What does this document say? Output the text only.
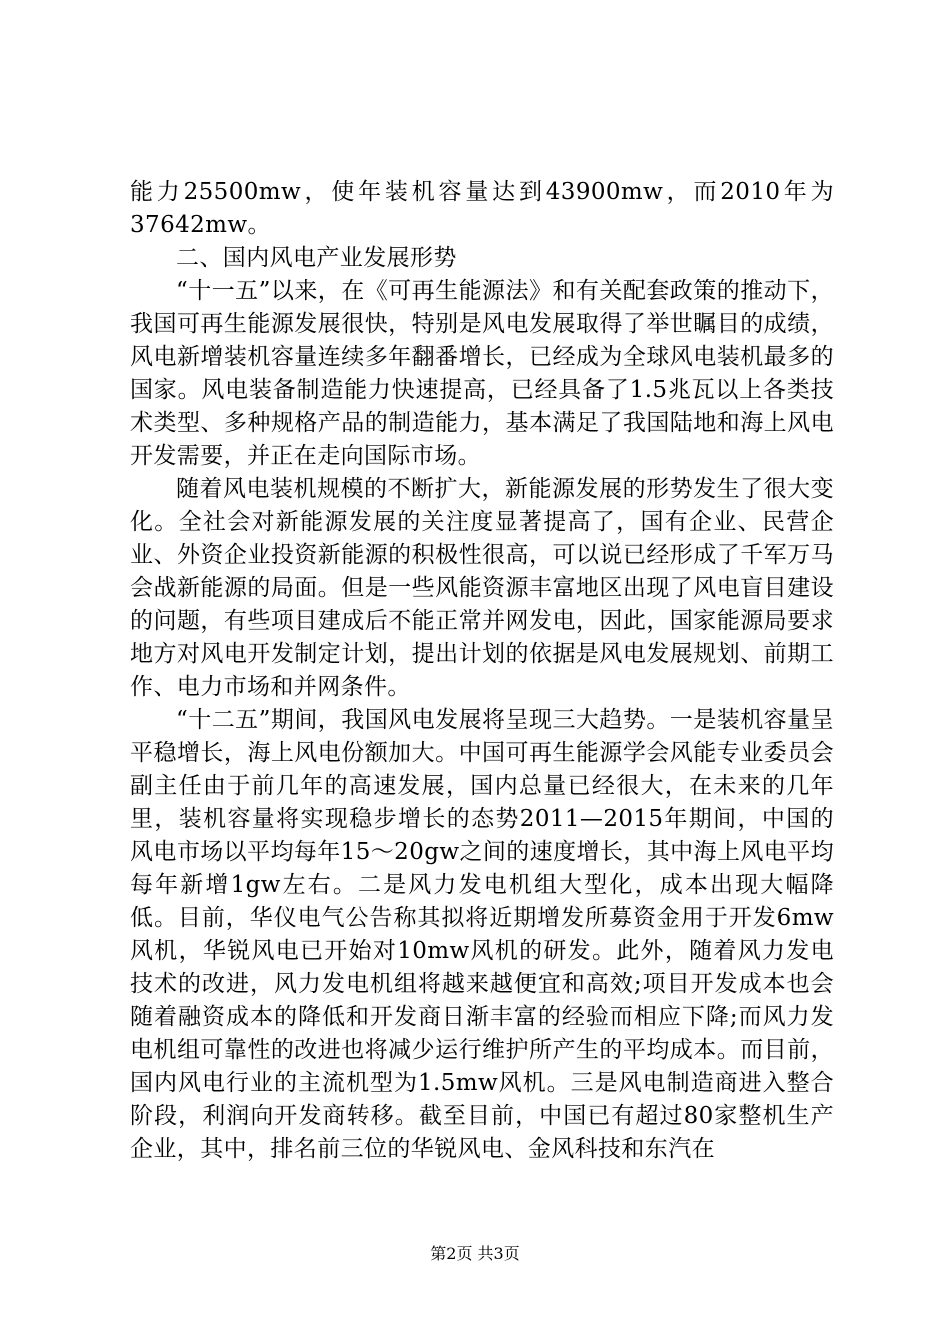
能力25500mw，使年装机容量达到43900mw，而2010年为37642mw。

二、国内风电产业发展形势

“十一五”以来，在《可再生能源法》和有关配套政策的推动下，我国可再生能源发展很快，特别是风电发展取得了举世瞩目的成绩，风电新增装机容量连续多年翻番增长，已经成为全球风电装机最多的国家。风电装备制造能力快速提高，已经具备了1.5兆瓦以上各类技术类型、多种规格产品的制造能力，基本满足了我国陆地和海上风电开发需要，并正在走向国际市场。

随着风电装机规模的不断扩大，新能源发展的形势发生了很大变化。全社会对新能源发展的关注度显著提高了，国有企业、民营企业、外资企业投资新能源的积极性很高，可以说已经形成了千军万马会战新能源的局面。但是一些风能资源丰富地区出现了风电盲目建设的问题，有些项目建成后不能正常并网发电，因此，国家能源局要求地方对风电开发制定计划，提出计划的依据是风电发展规划、前期工作、电力市场和并网条件。

“十二五”期间，我国风电发展将呈现三大趋势。一是装机容量呈平稳增长，海上风电份额加大。中国可再生能源学会风能专业委员会副主任由于前几年的高速发展，国内总量已经很大，在未来的几年里，装机容量将实现稳步增长的态势2011—2015年期间，中国的风电市场以平均每年15～20gw之间的速度增长，其中海上风电平均每年新增1gw左右。二是风力发电机组大型化，成本出现大幅降低。目前，华仪电气公告称其拟将近期增发所募资金用于开发6mw风机，华锐风电已开始对10mw风机的研发。此外，随着风力发电技术的改进，风力发电机组将越来越便宜和高效;项目开发成本也会随着融资成本的降低和开发商日渐丰富的经验而相应下降;而风力发电机组可靠性的改进也将减少运行维护所产生的平均成本。而目前，国内风电行业的主流机型为1.5mw风机。三是风电制造商进入整合阶段，利润向开发商转移。截至目前，中国已有超过80家整机生产企业，其中，排名前三位的华锐风电、金风科技和东汽在

第2页 共3页
